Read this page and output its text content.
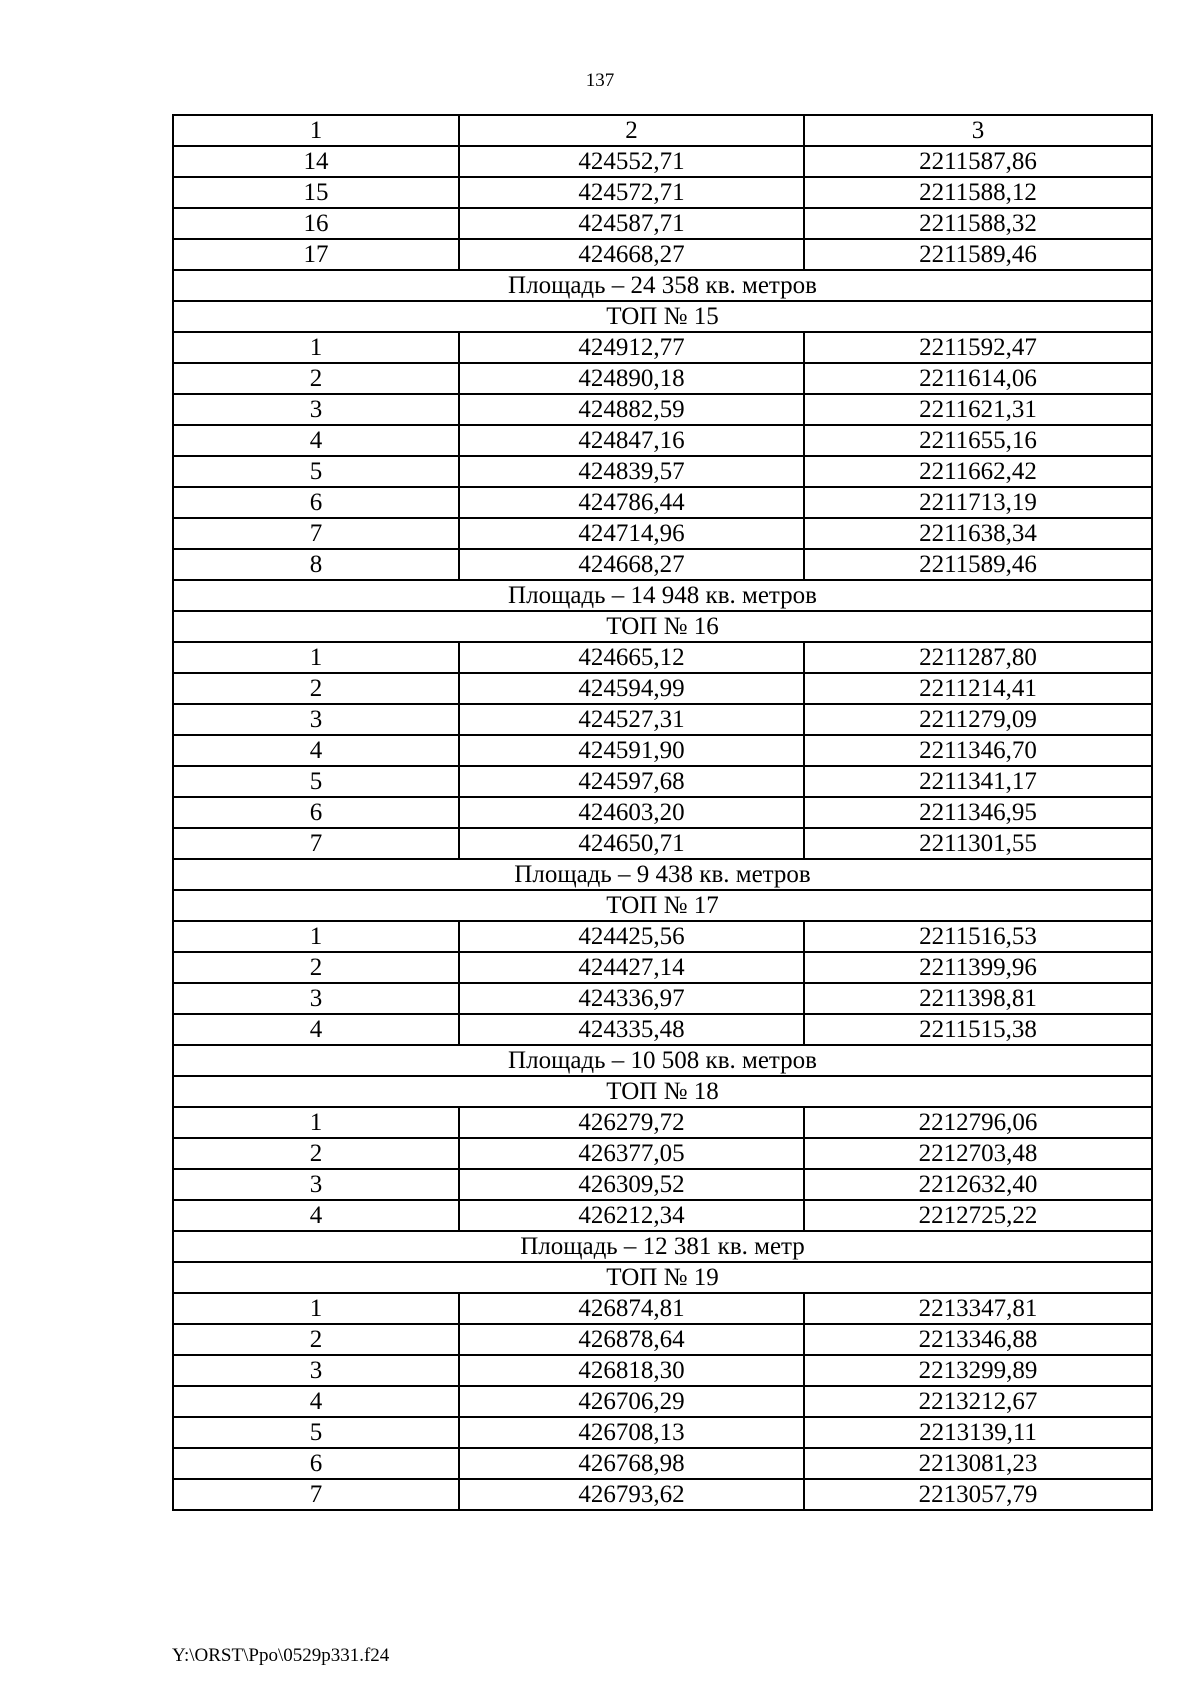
137
1	2	3
14	424552,71	2211587,86
15	424572,71	2211588,12
16	424587,71	2211588,32
17	424668,27	2211589,46
Площадь – 24 358 кв. метров		
ТОП № 15		
1	424912,77	2211592,47
2	424890,18	2211614,06
3	424882,59	2211621,31
4	424847,16	2211655,16
5	424839,57	2211662,42
6	424786,44	2211713,19
7	424714,96	2211638,34
8	424668,27	2211589,46
Площадь – 14 948 кв. метров		
ТОП № 16		
1	424665,12	2211287,80
2	424594,99	2211214,41
3	424527,31	2211279,09
4	424591,90	2211346,70
5	424597,68	2211341,17
6	424603,20	2211346,95
7	424650,71	2211301,55
Площадь – 9 438 кв. метров		
ТОП № 17		
1	424425,56	2211516,53
2	424427,14	2211399,96
3	424336,97	2211398,81
4	424335,48	2211515,38
Площадь – 10 508 кв. метров		
ТОП № 18		
1	426279,72	2212796,06
2	426377,05	2212703,48
3	426309,52	2212632,40
4	426212,34	2212725,22
Площадь – 12 381 кв. метр		
ТОП № 19		
1	426874,81	2213347,81
2	426878,64	2213346,88
3	426818,30	2213299,89
4	426706,29	2213212,67
5	426708,13	2213139,11
6	426768,98	2213081,23
7	426793,62	2213057,79
Y:\ORST\Ppo\0529p331.f24
